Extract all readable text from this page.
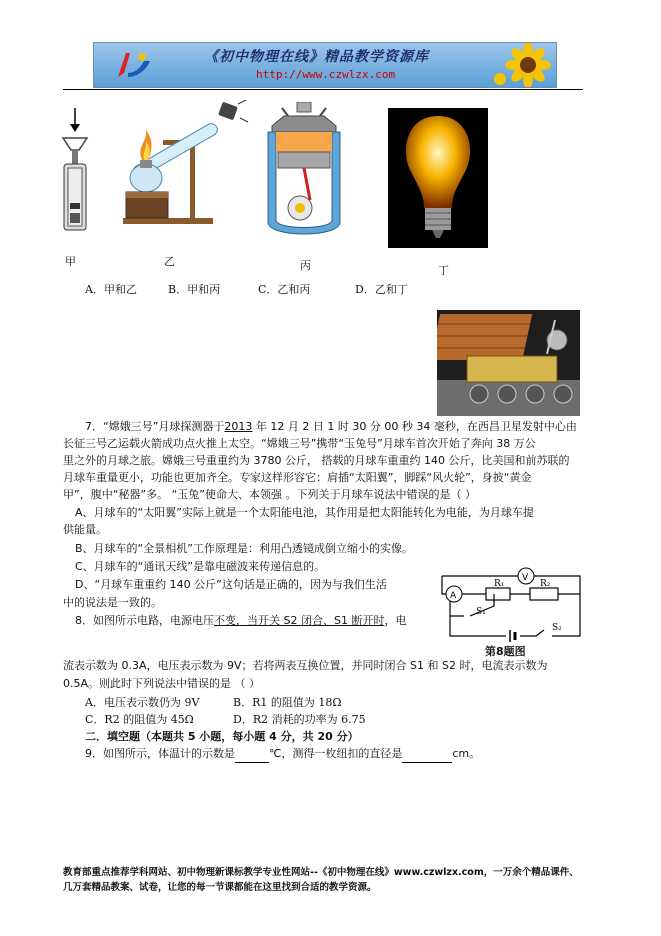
《初中物理在线》精品教学资源库
http://www.czwlzx.com
甲	乙	丙	丁
A．甲和乙	B．甲和丙	C．乙和丙	D．乙和丁
7．“嫦娥三号”月球探测器于2013 年 12 月 2 日 1 时 30 分 00 秒 34 毫秒，在西昌卫星发射中心由
长征三号乙运载火箭成功点火推上太空。“嫦娥三号”携带“玉兔号”月球车首次开始了奔向 38 万公
里之外的月球之旅。嫦娥三号重重约为 3780 公斤， 搭载的月球车重重约 140 公斤，比美国和前苏联的
月球车重量更小，功能也更加齐全。专家这样形容它：肩插“太阳翼”，脚踩“风火轮”，身披“黄金
甲”，腹中“秘器”多。 “玉兔”使命大、本领强 。下列关于月球车说法中错误的是（ ）
A、月球车的“太阳翼”实际上就是一个太阳能电池，其作用是把太阳能转化为电能，为月球车提
供能量。
B、月球车的“全景相机”工作原理是：利用凸透镜成倒立缩小的实像。
C、月球车的“通讯天线”是靠电磁波来传递信息的。
D、“月球车重重约 140 公斤”这句话是正确的，因为与我们生活
中的说法是一致的。
8．如图所示电路，电源电压不变，当开关 S2 闭合、S1 断开时，电
V
A
R₁	R₂
S₁
S₂
第8题图
流表示数为 0.3A，电压表示数为 9V；若将两表互换位置，并同时闭合 S1 和 S2 时，电流表示数为
0.5A。则此时下列说法中错误的是 （ ）
A．电压表示数仍为 9V	B．R1 的阻值为 18Ω
C．R2 的阻值为 45Ω	D．R2 消耗的功率为 6.75
二．填空题（本题共 5 小题，每小题 4 分，共 20 分）
9．如图所示，体温计的示数是	℃，测得一枚纽扣的直径是	cm。
教育部重点推荐学科网站、初中物理新课标教学专业性网站--《初中物理在线》www.czwlzx.com，一万余个精品课件、
几万套精品教案、试卷，让您的每一节课都能在这里找到合适的教学资源。
